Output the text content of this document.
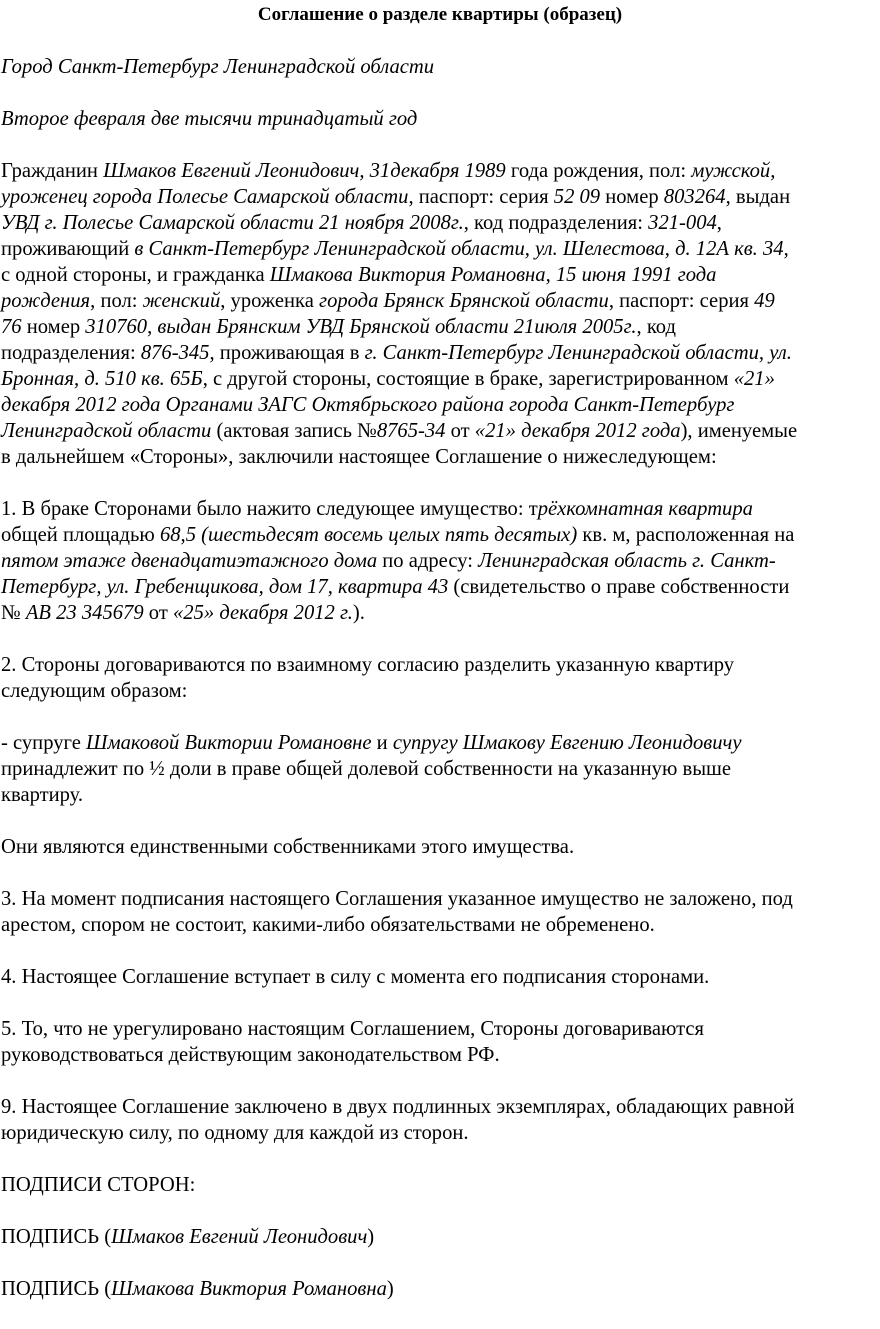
Соглашение о разделе квартиры (образец)

Город Санкт-Петербург Ленинградской области

Второе февраля две тысячи тринадцатый год

Гражданин Шмаков Евгений Леонидович, 31декабря 1989 года рождения, пол: мужской,

уроженец города Полесье Самарской области, паспорт: серия 52 09 номер 803264, выдан

УВД г. Полесье Самарской области 21 ноября 2008г., код подразделения: 321-004,

проживающий в Санкт-Петербург Ленинградской области, ул. Шелестова, д. 12А кв. 34,

с одной стороны, и гражданка Шмакова Виктория Романовна, 15 июня 1991 года

рождения, пол: женский, уроженка города Брянск Брянской области, паспорт: серия 49

76 номер 310760, выдан Брянским УВД Брянской области 21июля 2005г., код

подразделения: 876-345, проживающая в г. Санкт-Петербург Ленинградской области, ул.

Бронная, д. 510 кв. 65Б, с другой стороны, состоящие в браке, зарегистрированном «21»

декабря 2012 года Органами ЗАГС Октябрьского района города Санкт-Петербург

Ленинградской области (актовая запись №8765-34 от «21» декабря 2012 года), именуемые

в дальнейшем «Стороны», заключили настоящее Соглашение о нижеследующем:

1. В браке Сторонами было нажито следующее имущество: трёхкомнатная квартира

общей площадью 68,5 (шестьдесят восемь целых пять десятых) кв. м, расположенная на

пятом этаже двенадцатиэтажного дома по адресу: Ленинградская область г. Санкт-

Петербург, ул. Гребенщикова, дом 17, квартира 43 (свидетельство о праве собственности

№ АВ 23 345679 от «25» декабря 2012 г.).

2. Стороны договариваются по взаимному согласию разделить указанную квартиру

следующим образом:

- супруге Шмаковой Виктории Романовне и супругу Шмакову Евгению Леонидовичу

принадлежит по ½ доли в праве общей долевой собственности на указанную выше

квартиру.

Они являются единственными собственниками этого имущества.

3. На момент подписания настоящего Соглашения указанное имущество не заложено, под

арестом, спором не состоит, какими-либо обязательствами не обременено.

4. Настоящее Соглашение вступает в силу с момента его подписания сторонами.

5. То, что не урегулировано настоящим Соглашением, Стороны договариваются

руководствоваться действующим законодательством РФ.

9. Настоящее Соглашение заключено в двух подлинных экземплярах, обладающих равной

юридическую силу, по одному для каждой из сторон.

ПОДПИСИ СТОРОН:

ПОДПИСЬ (Шмаков Евгений Леонидович)

ПОДПИСЬ (Шмакова Виктория Романовна)
